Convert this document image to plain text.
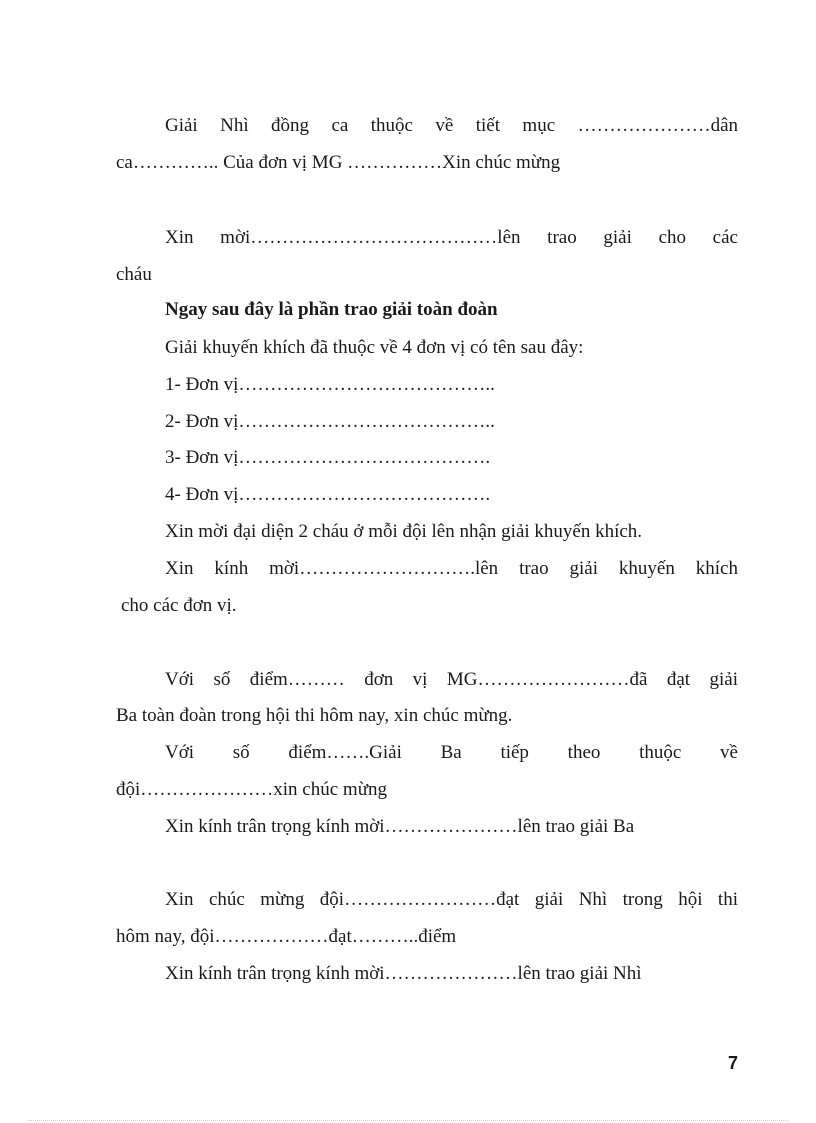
Giải Nhì đồng ca thuộc về tiết mục …………………dân
ca………….. Của đơn vị MG ……………Xin chúc mừng
Xin mời…………………………………lên trao giải cho các
cháu
Ngay sau đây là phần trao giải toàn đoàn
Giải khuyến khích đã thuộc về 4 đơn vị có tên sau đây:
1- Đơn vị…………………………………..
2- Đơn vị…………………………………..
3- Đơn vị………………………………….
4- Đơn vị………………………………….
Xin mời đại diện 2 cháu ở mỗi đội lên nhận giải khuyến khích.
Xin kính mời……………………….lên trao giải khuyến khích
cho các đơn vị.
Với số điểm……… đơn vị MG……………………đã đạt giải
Ba toàn đoàn trong hội thi hôm nay, xin chúc mừng.
Với số điểm…….Giải Ba tiếp theo thuộc về
đội…………………xin chúc mừng
Xin kính trân trọng kính mời…………………lên trao giải Ba
Xin chúc mừng đội……………………đạt giải Nhì trong hội thi
hôm nay, đội………………đạt………..điểm
Xin kính trân trọng kính mời…………………lên trao giải Nhì
7
